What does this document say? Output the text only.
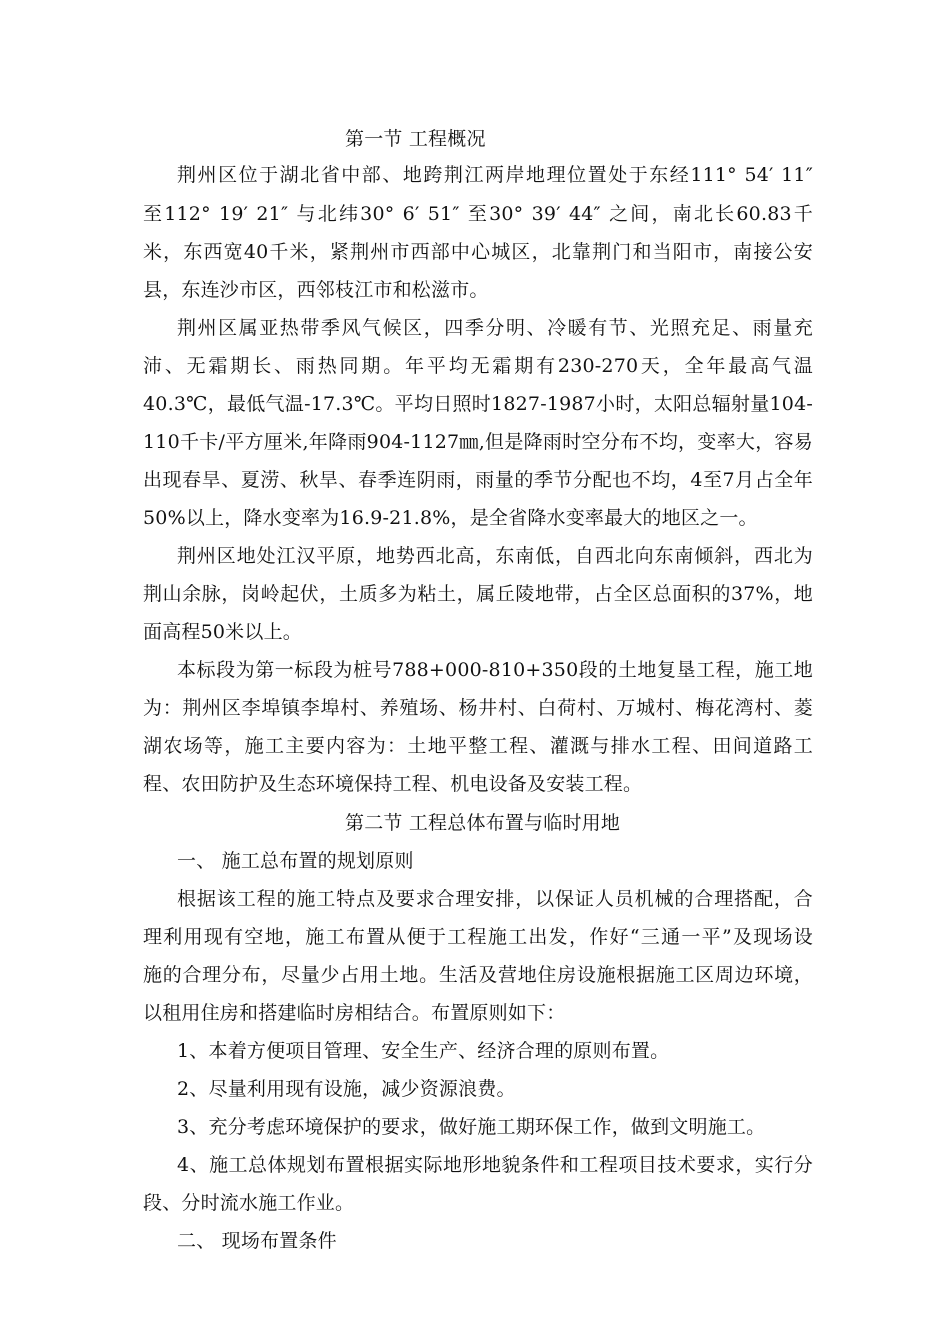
第一节 工程概况
荆州区位于湖北省中部、地跨荆江两岸地理位置处于东经111° 54′ 11″
至112° 19′ 21″ 与北纬30° 6′ 51″ 至30° 39′ 44″ 之间，南北长60.83千
米，东西宽40千米，紧荆州市西部中心城区，北靠荆门和当阳市，南接公安
县，东连沙市区，西邻枝江市和松滋市。
荆州区属亚热带季风气候区，四季分明、冷暖有节、光照充足、雨量充
沛、无霜期长、雨热同期。年平均无霜期有230-270天，全年最高气温
40.3℃，最低气温-17.3℃。平均日照时1827-1987小时，太阳总辐射量104-
110千卡/平方厘米,年降雨904-1127㎜,但是降雨时空分布不均，变率大，容易
出现春旱、夏涝、秋旱、春季连阴雨，雨量的季节分配也不均，4至7月占全年
50%以上，降水变率为16.9-21.8%，是全省降水变率最大的地区之一。
荆州区地处江汉平原，地势西北高，东南低，自西北向东南倾斜，西北为
荆山余脉，岗岭起伏，土质多为粘土，属丘陵地带，占全区总面积的37%，地
面高程50米以上。
本标段为第一标段为桩号788+000-810+350段的土地复垦工程，施工地
为：荆州区李埠镇李埠村、养殖场、杨井村、白荷村、万城村、梅花湾村、菱
湖农场等，施工主要内容为：土地平整工程、灌溉与排水工程、田间道路工
程、农田防护及生态环境保持工程、机电设备及安装工程。
第二节 工程总体布置与临时用地
一、 施工总布置的规划原则
根据该工程的施工特点及要求合理安排，以保证人员机械的合理搭配，合
理利用现有空地，施工布置从便于工程施工出发，作好“三通一平”及现场设
施的合理分布，尽量少占用土地。生活及营地住房设施根据施工区周边环境，
以租用住房和搭建临时房相结合。布置原则如下：
1、本着方便项目管理、安全生产、经济合理的原则布置。
2、尽量利用现有设施，减少资源浪费。
3、充分考虑环境保护的要求，做好施工期环保工作，做到文明施工。
4、施工总体规划布置根据实际地形地貌条件和工程项目技术要求，实行分
段、分时流水施工作业。
二、 现场布置条件
